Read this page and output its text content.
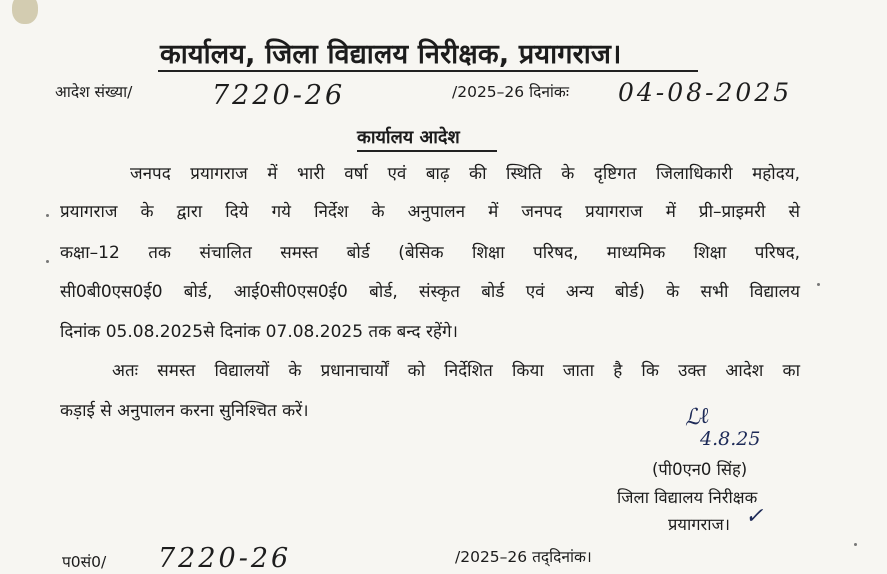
कार्यालय, जिला विद्यालय निरीक्षक, प्रयागराज।
आदेश संख्या/	7220-26	/2025–26 दिनांकः 04-08-2025
कार्यालय आदेश
जनपद प्रयागराज में भारी वर्षा एवं बाढ़ की स्थिति के दृष्टिगत जिलाधिकारी महोदय,
प्रयागराज के द्वारा दिये गये निर्देश के अनुपालन में जनपद प्रयागराज में प्री–प्राइमरी से
कक्षा–12 तक संचालित समस्त बोर्ड (बेसिक शिक्षा परिषद, माध्यमिक शिक्षा परिषद,
सी0बी0एस0ई0 बोर्ड, आई0सी0एस0ई0 बोर्ड, संस्कृत बोर्ड एवं अन्य बोर्ड) के सभी विद्यालय
दिनांक 05.08.2025से दिनांक 07.08.2025 तक बन्द रहेंगे।
अतः समस्त विद्यालयों के प्रधानाचार्यों को निर्देशित किया जाता है कि उक्त आदेश का
कड़ाई से अनुपालन करना सुनिश्चित करें।	ℒℓ
4.8.25
(पी0एन0 सिंह)
जिला विद्यालय निरीक्षक
प्रयागराज। ✓
प0सं0/ 7220-26	/2025–26 तद्‌दिनांक।
